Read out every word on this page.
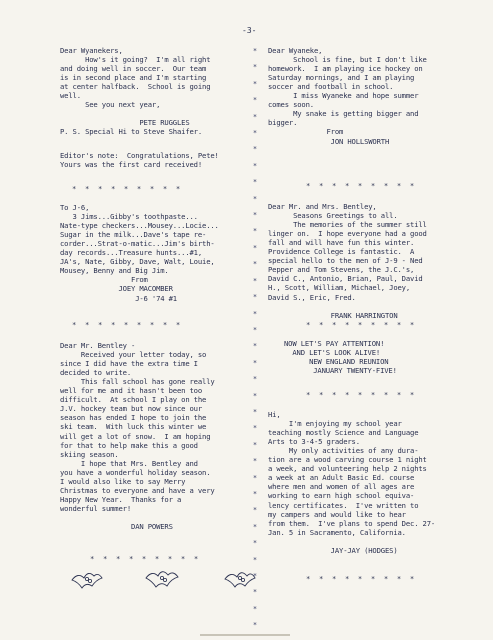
-3-
*
*
*
*
*
*
*
*
*
*
*
*
*
*
*
*
*
*
*
*
*
*
*
*
*
*
*
*
*
*
*
*
*
*
*
*
Dear Wyanekers,
How's it going?  I'm all right
and doing well in soccer.  Our team
is in second place and I'm starting
at center halfback.  School is going
well.
See you next year,
PETE RUGGLES
P. S. Special Hi to Steve Shaifer.
Editor's note:  Congratulations, Pete!
Yours was the first card received!
*  *  *  *  *  *  *  *  *
To J-6,
3 Jims...Gibby's toothpaste...
Nate-type checkers...Mousey...Locie...
Sugar in the milk...Dave's tape re-
corder...Strat-o-matic...Jim's birth-
day records...Treasure hunts...#1,
JA's, Nate, Gibby, Dave, Walt, Louie,
Mousey, Benny and Big Jim.
From
JOEY MACOMBER
J-6 '74 #1
*  *  *  *  *  *  *  *  *
Dear Mr. Bentley -
Received your letter today, so
since I did have the extra time I
decided to write.
This fall school has gone really
well for me and it hasn't been too
difficult.  At school I play on the
J.V. hockey team but now since our
season has ended I hope to join the
ski team.  With luck this winter we
will get a lot of snow.  I am hoping
for that to help make this a good
skiing season.
I hope that Mrs. Bentley and
you have a wonderful holiday season.
I would also like to say Merry
Christmas to everyone and have a very
Happy New Year.  Thanks for a
wonderful summer!
DAN POWERS
*  *  *  *  *  *  *  *  *
Dear Wyaneke,
School is fine, but I don't like
homework.  I am playing ice hockey on
Saturday mornings, and I am playing
soccer and football in school.
I miss Wyaneke and hope summer
comes soon.
My snake is getting bigger and
bigger.
From
JON HOLLSWORTH
*  *  *  *  *  *  *  *  *
Dear Mr. and Mrs. Bentley,
Seasons Greetings to all.
The memories of the summer still
linger on.  I hope everyone had a good
fall and will have fun this winter.
Providence College is fantastic.  A
special hello to the men of J-9 - Ned
Pepper and Tom Stevens, the J.C.'s,
David C., Antonio, Brian, Paul, David
H., Scott, William, Michael, Joey,
David S., Eric, Fred.
FRANK HARRINGTON
*  *  *  *  *  *  *  *  *
NOW LET'S PAY ATTENTION!
AND LET'S LOOK ALIVE!
NEW ENGLAND REUNION
JANUARY TWENTY-FIVE!
*  *  *  *  *  *  *  *  *
Hi,
I'm enjoying my school year
teaching mostly Science and Language
Arts to 3-4-5 graders.
My only activities of any dura-
tion are a wood carving course 1 night
a week, and volunteering help 2 nights
a week at an Adult Basic Ed. course
where men and women of all ages are
working to earn high school equiva-
lency certificates.  I've written to
my campers and would like to hear
from them.  I've plans to spend Dec. 27-
Jan. 5 in Sacramento, California.
JAY-JAY (HODGES)
*  *  *  *  *  *  *  *  *
